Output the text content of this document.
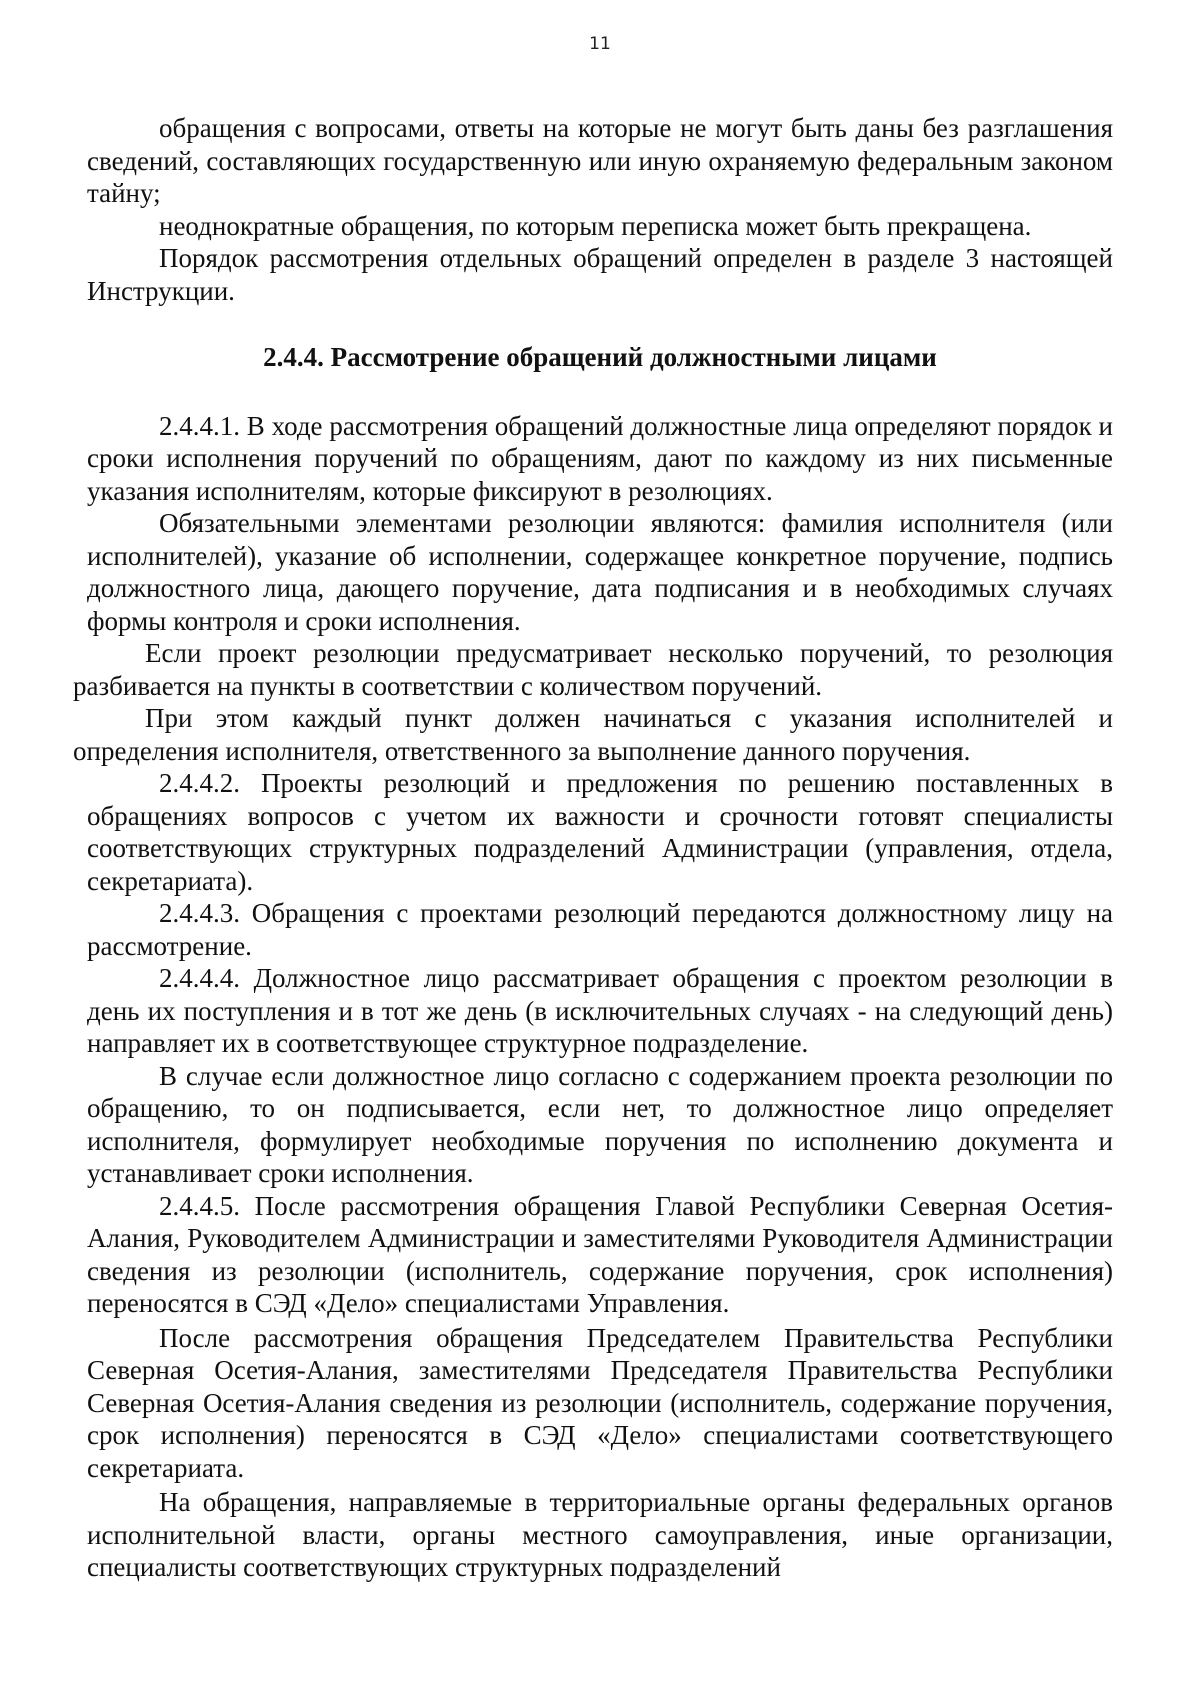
11

обращения с вопросами, ответы на которые не могут быть даны без разглашения сведений, составляющих государственную или иную охраняемую федеральным законом тайну;

неоднократные обращения, по которым переписка может быть прекращена.

Порядок рассмотрения отдельных обращений определен в разделе 3 настоящей Инструкции.

2.4.4. Рассмотрение обращений должностными лицами

2.4.4.1. В ходе рассмотрения обращений должностные лица определяют порядок и сроки исполнения поручений по обращениям, дают по каждому из них письменные указания исполнителям, которые фиксируют в резолюциях.

Обязательными элементами резолюции являются: фамилия исполнителя (или исполнителей), указание об исполнении, содержащее конкретное поручение, подпись должностного лица, дающего поручение, дата подписания и в необходимых случаях формы контроля и сроки исполнения.

Если проект резолюции предусматривает несколько поручений, то резолюция разбивается на пункты в соответствии с количеством поручений.

При этом каждый пункт должен начинаться с указания исполнителей и определения исполнителя, ответственного за выполнение данного поручения.

2.4.4.2. Проекты резолюций и предложения по решению поставленных в обращениях вопросов с учетом их важности и срочности готовят специалисты соответствующих структурных подразделений Администрации (управления, отдела, секретариата).

2.4.4.3. Обращения с проектами резолюций передаются должностному лицу на рассмотрение.

2.4.4.4. Должностное лицо рассматривает обращения с проектом резолюции в день их поступления и в тот же день (в исключительных случаях - на следующий день) направляет их в соответствующее структурное подразделение.

В случае если должностное лицо согласно с содержанием проекта резолюции по обращению, то он подписывается, если нет, то должностное лицо определяет исполнителя, формулирует необходимые поручения по исполнению документа и устанавливает сроки исполнения.

2.4.4.5. После рассмотрения обращения Главой Республики Северная Осетия-Алания, Руководителем Администрации и заместителями Руководителя Администрации сведения из резолюции (исполнитель, содержание поручения, срок исполнения) переносятся в СЭД «Дело» специалистами Управления.

После рассмотрения обращения Председателем Правительства Республики Северная Осетия-Алания, заместителями Председателя Правительства Республики Северная Осетия-Алания сведения из резолюции (исполнитель, содержание поручения, срок исполнения) переносятся в СЭД «Дело» специалистами соответствующего секретариата.

На обращения, направляемые в территориальные органы федеральных органов исполнительной власти, органы местного самоуправления, иные организации, специалисты соответствующих структурных подразделений
